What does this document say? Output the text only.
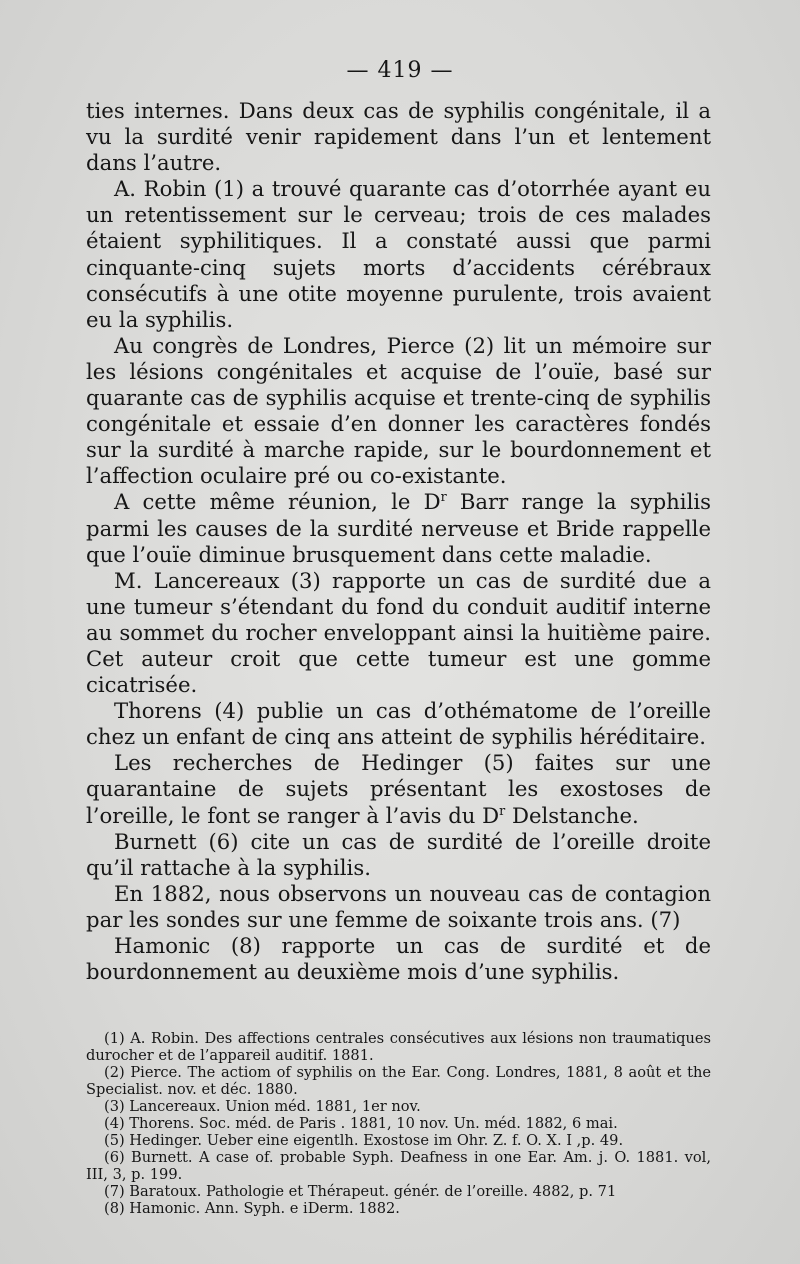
— 419 —

ties internes. Dans deux cas de syphilis congénitale, il a vu la surdité venir rapidement dans l’un et lentement dans l’autre.

A. Robin (1) a trouvé quarante cas d’otorrhée ayant eu un retentissement sur le cerveau; trois de ces malades étaient syphilitiques. Il a constaté aussi que parmi cinquante-cinq sujets morts d’accidents cérébraux consécutifs à une otite moyenne purulente, trois avaient eu la syphilis.

Au congrès de Londres, Pierce (2) lit un mémoire sur les lésions congénitales et acquise de l’ouïe, basé sur quarante cas de syphilis acquise et trente-cinq de syphilis congénitale et essaie d’en donner les caractères fondés sur la surdité à marche rapide, sur le bourdonnement et l’affection oculaire pré ou co-existante.

A cette même réunion, le $D^r$ Barr range la syphilis parmi les causes de la surdité nerveuse et Bride rappelle que l’ouïe diminue brusquement dans cette maladie.

M. Lancereaux (3) rapporte un cas de surdité due a une tumeur s’étendant du fond du conduit auditif interne au sommet du rocher enveloppant ainsi la huitième paire. Cet auteur croit que cette tumeur est une gomme cicatrisée.

Thorens (4) publie un cas d’othématome de l’oreille chez un enfant de cinq ans atteint de syphilis héréditaire.

Les recherches de Hedinger (5) faites sur une quarantaine de sujets présentant les exostoses de l’oreille, le font se ranger à l’avis du $D^r$ Delstanche.

Burnett (6) cite un cas de surdité de l’oreille droite qu’il rattache à la syphilis.

En 1882, nous observons un nouveau cas de contagion par les sondes sur une femme de soixante trois ans. (7)

Hamonic (8) rapporte un cas de surdité et de bourdonnement au deuxième mois d’une syphilis.

(1) A. Robin. Des affections centrales consécutives aux lésions non traumatiques durocher et de l’appareil auditif. 1881.

(2) Pierce. The actiom of syphilis on the Ear. Cong. Londres, 1881, 8 août et the Specialist. nov. et déc. 1880.

(3) Lancereaux. Union méd. 1881, 1er nov.

(4) Thorens. Soc. méd. de Paris . 1881, 10 nov. Un. méd. 1882, 6 mai.

(5) Hedinger. Ueber eine eigentlh. Exostose im Ohr. Z. f. O. X. I ,p. 49.

(6) Burnett. A case of. probable Syph. Deafness in one Ear. Am. j. O. 1881. vol, III, 3, p. 199.

(7) Baratoux. Pathologie et Thérapeut. génér. de l’oreille. 4882, p. 71

(8) Hamonic. Ann. Syph. e iDerm. 1882.
